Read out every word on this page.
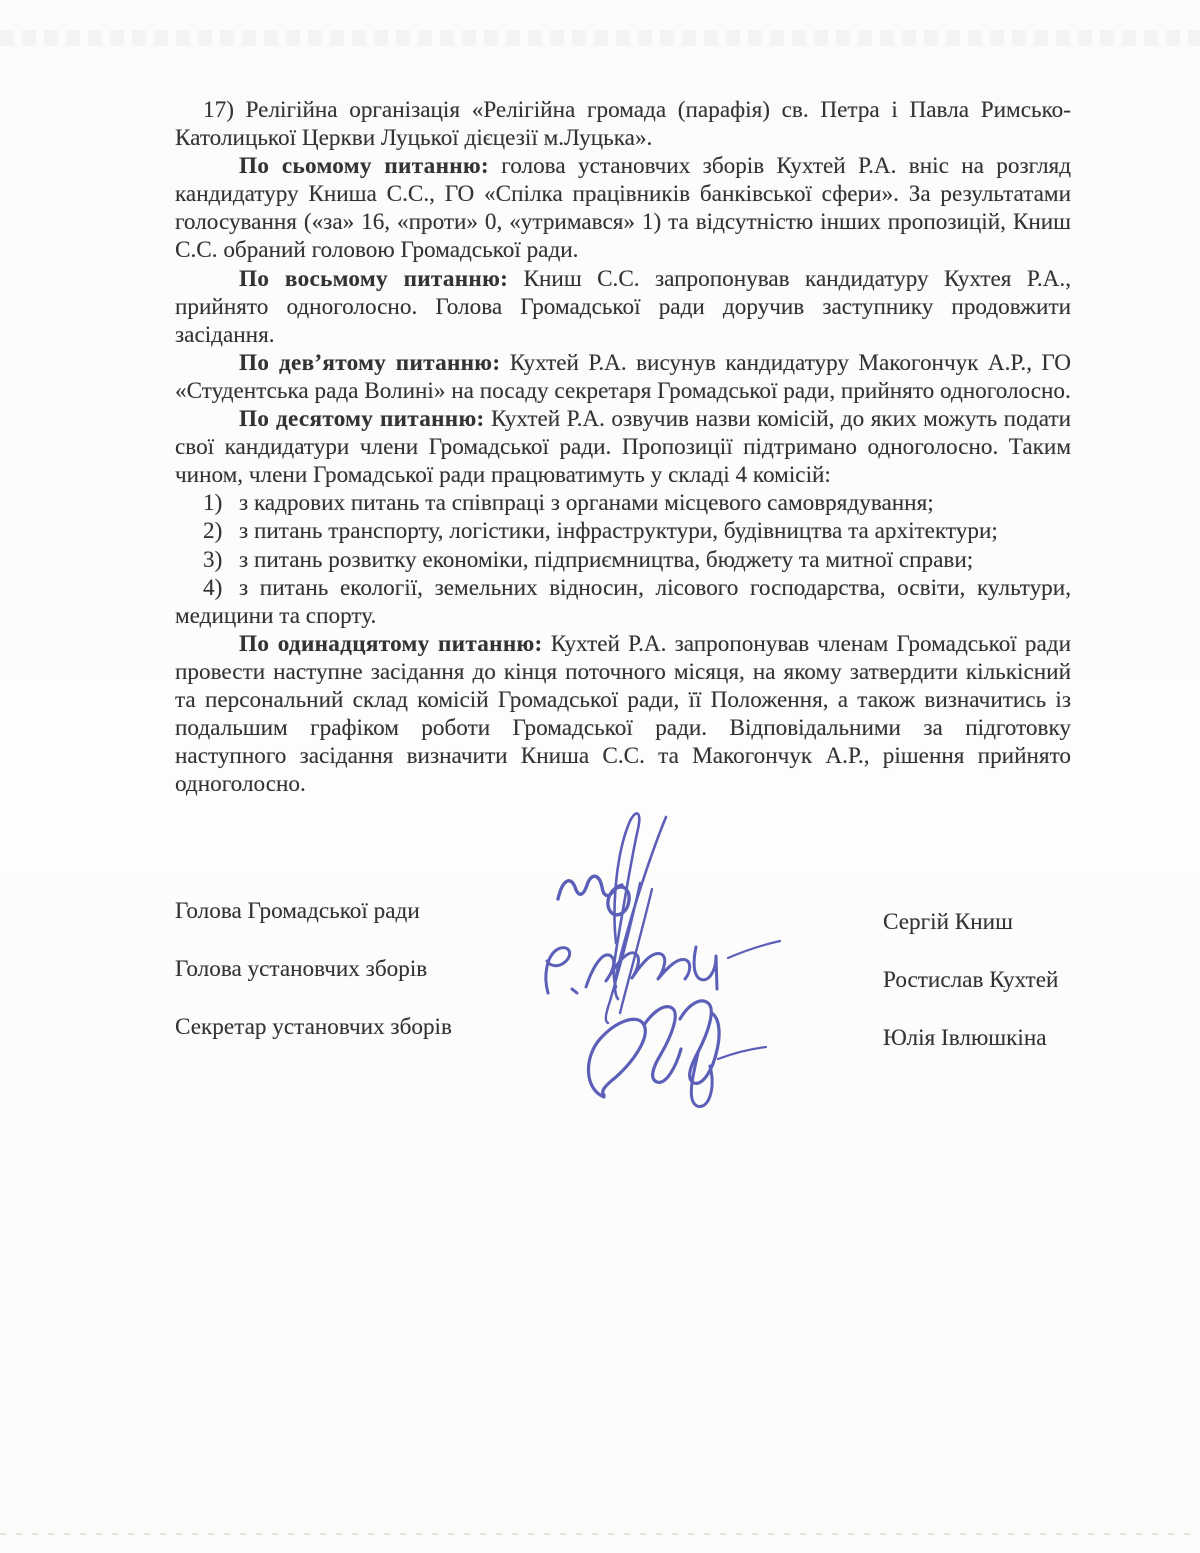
17) Релігійна організація «Релігійна громада (парафія) св. Петра і Павла Римсько-Католицької Церкви Луцької дієцезії м.Луцька».

По сьомому питанню: голова установчих зборів Кухтей Р.А. вніс на розгляд кандидатуру Книша С.С., ГО «Спілка працівників банківської сфери». За результатами голосування («за» 16, «проти» 0, «утримався» 1) та відсутністю інших пропозицій, Книш С.С. обраний головою Громадської ради.

По восьмому питанню: Книш С.С. запропонував кандидатуру Кухтея Р.А., прийнято одноголосно. Голова Громадської ради доручив заступнику продовжити засідання.

По дев’ятому питанню: Кухтей Р.А. висунув кандидатуру Макогончук А.Р., ГО «Студентська рада Волині» на посаду секретаря Громадської ради, прийнято одноголосно.

По десятому питанню: Кухтей Р.А. озвучив назви комісій, до яких можуть подати свої кандидатури члени Громадської ради. Пропозиції підтримано одноголосно. Таким чином, члени Громадської ради працюватимуть у складі 4 комісій:

1) з кадрових питань та співпраці з органами місцевого самоврядування;

2) з питань транспорту, логістики, інфраструктури, будівництва та архітектури;

3) з питань розвитку економіки, підприємництва, бюджету та митної справи;

4) з питань екології, земельних відносин, лісового господарства, освіти, культури, медицини та спорту.

По одинадцятому питанню: Кухтей Р.А. запропонував членам Громадської ради провести наступне засідання до кінця поточного місяця, на якому затвердити кількісний та персональний склад комісій Громадської ради, її Положення, а також визначитись із подальшим графіком роботи Громадської ради. Відповідальними за підготовку наступного засідання визначити Книша С.С. та Макогончук А.Р., рішення прийнято одноголосно.

Голова Громадської ради	Сергій Книш
Голова установчих зборів	Ростислав Кухтей
Секретар установчих зборів	Юлія Івлюшкіна
